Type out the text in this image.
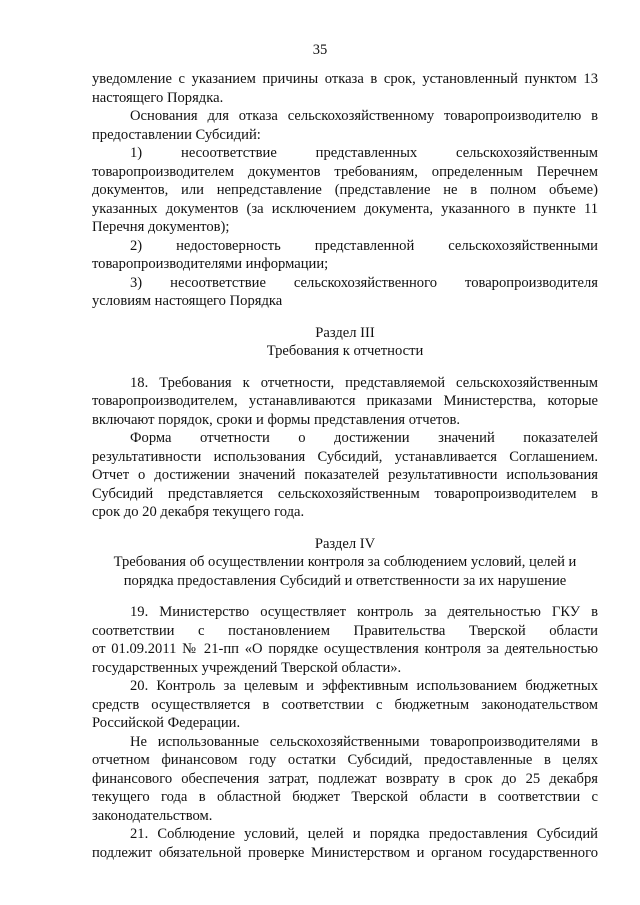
35

уведомление с указанием причины отказа в срок, установленный пунктом 13

настоящего Порядка.

Основания для отказа сельскохозяйственному товаропроизводителю в

предоставлении Субсидий:

1) несоответствие представленных сельскохозяйственным

товаропроизводителем документов требованиям, определенным Перечнем

документов, или непредставление (представление не в полном объеме)

указанных документов (за исключением документа, указанного в пункте 11

Перечня документов);

2) недостоверность представленной сельскохозяйственными

товаропроизводителями информации;

3) несоответствие сельскохозяйственного товаропроизводителя

условиям настоящего Порядка

Раздел III

Требования к отчетности

18. Требования к отчетности, представляемой сельскохозяйственным

товаропроизводителем, устанавливаются приказами Министерства, которые

включают порядок, сроки и формы представления отчетов.

Форма отчетности о достижении значений показателей

результативности использования Субсидий, устанавливается Соглашением.

Отчет о достижении значений показателей результативности использования

Субсидий представляется сельскохозяйственным товаропроизводителем в

срок до 20 декабря текущего года.

Раздел IV

Требования об осуществлении контроля за соблюдением условий, целей и

порядка предоставления Субсидий и ответственности за их нарушение

19. Министерство осуществляет контроль за деятельностью ГКУ в

соответствии с постановлением Правительства Тверской области

от 01.09.2011 № 21-пп «О порядке осуществления контроля за деятельностью

государственных учреждений Тверской области».

20. Контроль за целевым и эффективным использованием бюджетных

средств осуществляется в соответствии с бюджетным законодательством

Российской Федерации.

Не использованные сельскохозяйственными товаропроизводителями в

отчетном финансовом году остатки Субсидий, предоставленные в целях

финансового обеспечения затрат, подлежат возврату в срок до 25 декабря

текущего года в областной бюджет Тверской области в соответствии с

законодательством.

21. Соблюдение условий, целей и порядка предоставления Субсидий

подлежит обязательной проверке Министерством и органом государственного
